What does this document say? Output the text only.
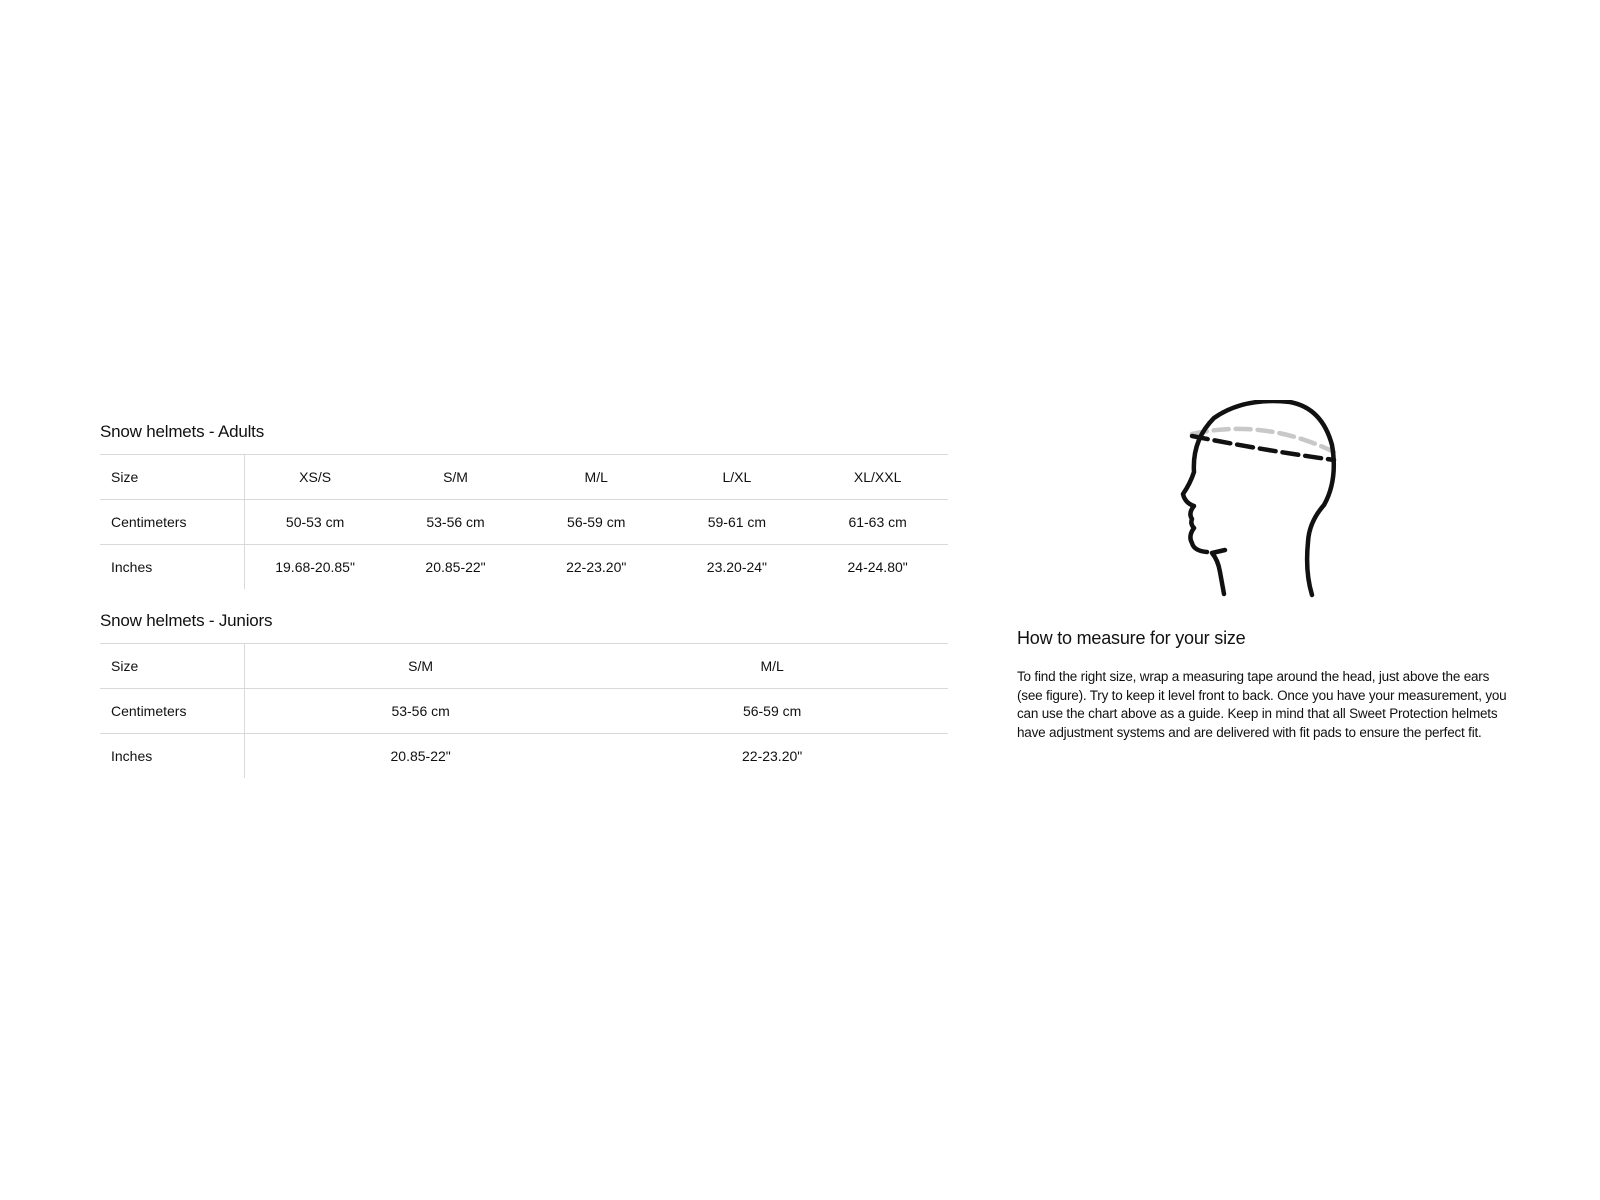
Snow helmets - Adults
Size	XS/S	S/M	M/L	L/XL	XL/XXL
Centimeters	50-53 cm	53-56 cm	56-59 cm	59-61 cm	61-63 cm
Inches	19.68-20.85"	20.85-22"	22-23.20"	23.20-24"	24-24.80"
Snow helmets - Juniors
Size	S/M	M/L
Centimeters	53-56 cm	56-59 cm
Inches	20.85-22"	22-23.20"
How to measure for your size

To find the right size, wrap a measuring tape around the head, just above the ears (see figure). Try to keep it level front to back. Once you have your measurement, you can use the chart above as a guide. Keep in mind that all Sweet Protection helmets have adjustment systems and are delivered with fit pads to ensure the perfect fit.
